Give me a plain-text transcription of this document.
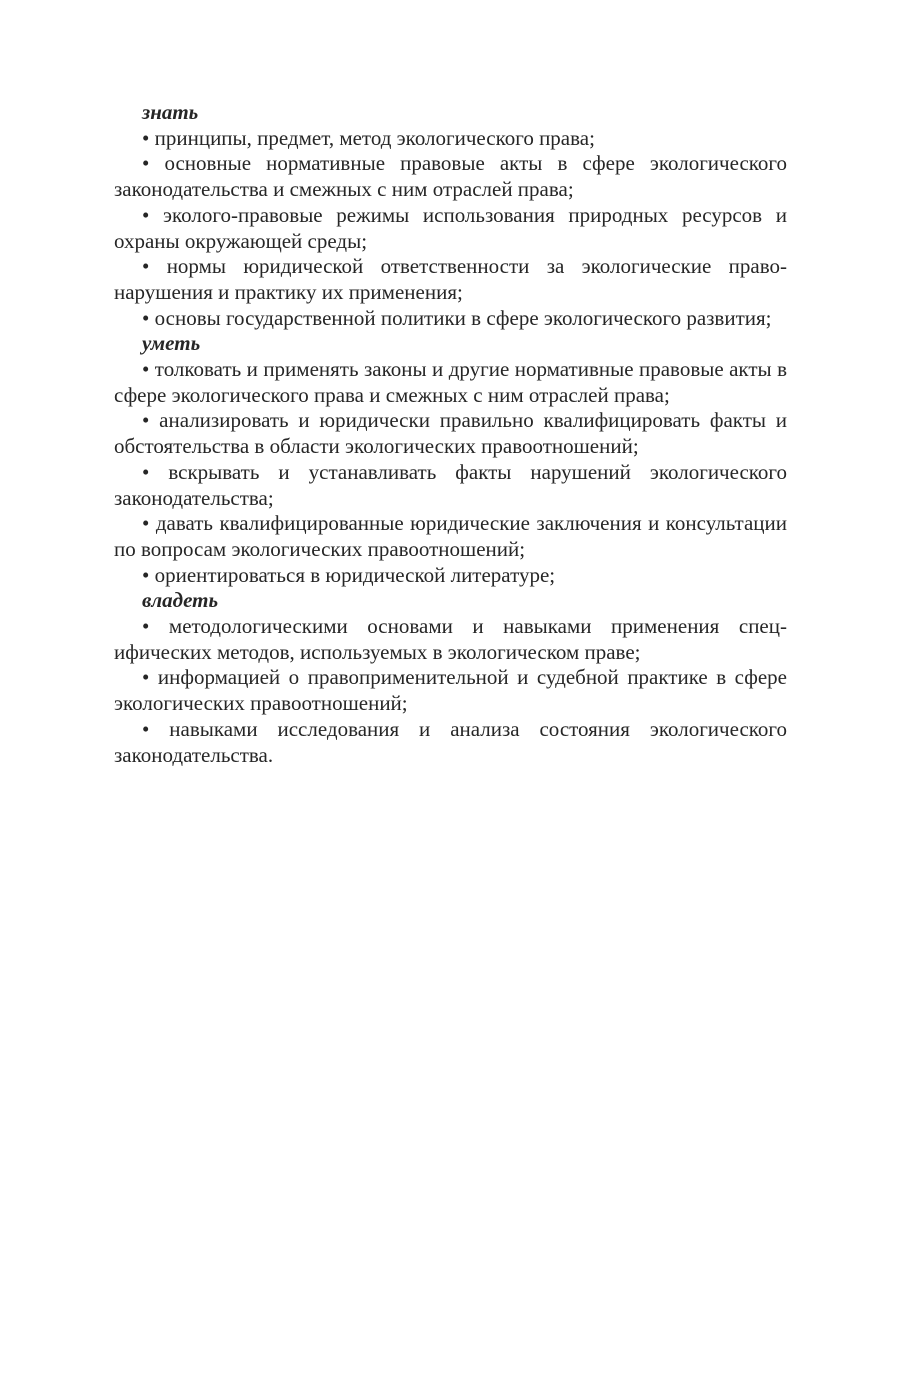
знать

• принципы, предмет, метод экологического права;

• основные нормативные правовые акты в сфере экологического законодательства и смежных с ним отраслей права;

• эколого-правовые режимы использования природных ресурсов и охраны окружающей среды;

• нормы юридической ответственности за экологические правонарушения и практику их применения;

• основы государственной политики в сфере экологического развития;

уметь

• толковать и применять законы и другие нормативные правовые акты в сфере экологического права и смежных с ним отраслей права;

• анализировать и юридически правильно квалифицировать факты и обстоятельства в области экологических правоотношений;

• вскрывать и устанавливать факты нарушений экологического законодательства;

• давать квалифицированные юридические заключения и консультации по вопросам экологических правоотношений;

• ориентироваться в юридической литературе;

владеть

• методологическими основами и навыками применения специфических методов, используемых в экологическом праве;

• информацией о правоприменительной и судебной практике в сфере экологических правоотношений;

• навыками исследования и анализа состояния экологического законодательства.
